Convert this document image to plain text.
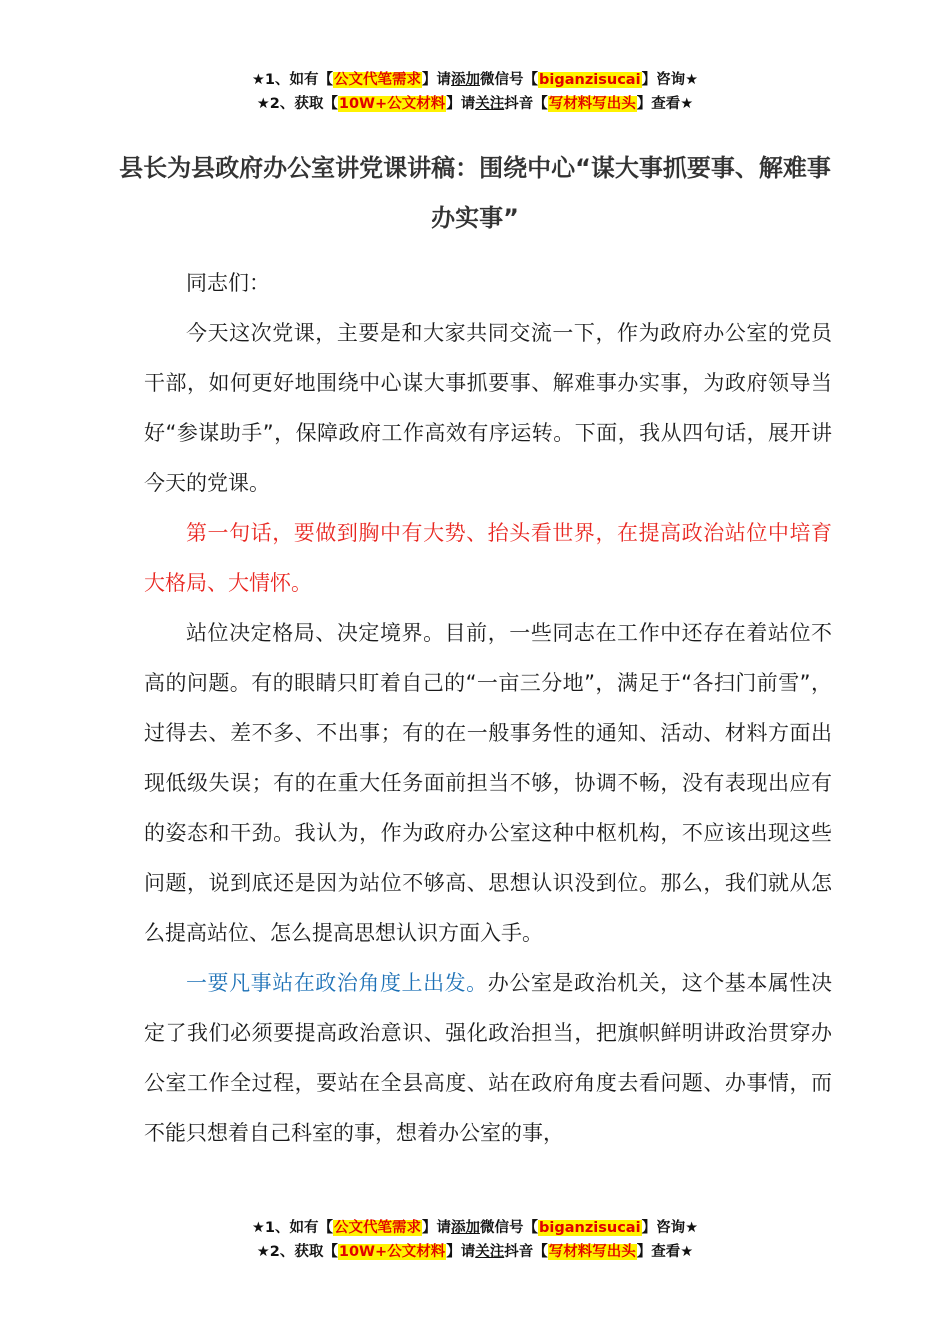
★1、如有【公文代笔需求】请添加微信号【biganzisucai】咨询★
★2、获取【10W+公文材料】请关注抖音【写材料写出头】查看★
县长为县政府办公室讲党课讲稿：围绕中心“谋大事抓要事、解难事办实事”

同志们：

今天这次党课，主要是和大家共同交流一下，作为政府办公室的党员干部，如何更好地围绕中心谋大事抓要事、解难事办实事，为政府领导当好“参谋助手”，保障政府工作高效有序运转。下面，我从四句话，展开讲今天的党课。

第一句话，要做到胸中有大势、抬头看世界，在提高政治站位中培育大格局、大情怀。

站位决定格局、决定境界。目前，一些同志在工作中还存在着站位不高的问题。有的眼睛只盯着自己的“一亩三分地”，满足于“各扫门前雪”，过得去、差不多、不出事；有的在一般事务性的通知、活动、材料方面出现低级失误；有的在重大任务面前担当不够，协调不畅，没有表现出应有的姿态和干劲。我认为，作为政府办公室这种中枢机构，不应该出现这些问题，说到底还是因为站位不够高、思想认识没到位。那么，我们就从怎么提高站位、怎么提高思想认识方面入手。

一要凡事站在政治角度上出发。办公室是政治机关，这个基本属性决定了我们必须要提高政治意识、强化政治担当，把旗帜鲜明讲政治贯穿办公室工作全过程，要站在全县高度、站在政府角度去看问题、办事情，而不能只想着自己科室的事，想着办公室的事，

★1、如有【公文代笔需求】请添加微信号【biganzisucai】咨询★
★2、获取【10W+公文材料】请关注抖音【写材料写出头】查看★
